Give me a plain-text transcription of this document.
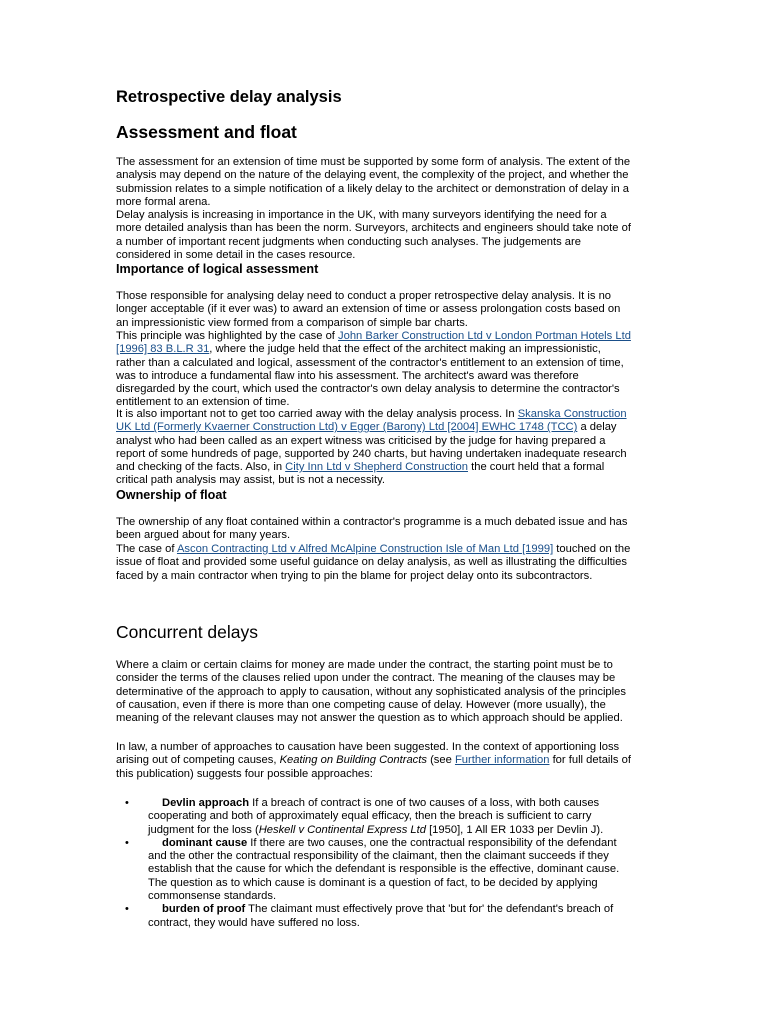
Retrospective delay analysis
Assessment and float

The assessment for an extension of time must be supported by some form of analysis. The extent of the
analysis may depend on the nature of the delaying event, the complexity of the project, and whether the
submission relates to a simple notification of a likely delay to the architect or demonstration of delay in a
more formal arena.

Delay analysis is increasing in importance in the UK, with many surveyors identifying the need for a
more detailed analysis than has been the norm. Surveyors, architects and engineers should take note of
a number of important recent judgments when conducting such analyses. The judgements are
considered in some detail in the cases resource.

Importance of logical assessment

Those responsible for analysing delay need to conduct a proper retrospective delay analysis. It is no
longer acceptable (if it ever was) to award an extension of time or assess prolongation costs based on
an impressionistic view formed from a comparison of simple bar charts.

This principle was highlighted by the case of John Barker Construction Ltd v London Portman Hotels Ltd
[1996] 83 B.L.R 31, where the judge held that the effect of the architect making an impressionistic,
rather than a calculated and logical, assessment of the contractor's entitlement to an extension of time,
was to introduce a fundamental flaw into his assessment. The architect's award was therefore
disregarded by the court, which used the contractor's own delay analysis to determine the contractor's
entitlement to an extension of time.

It is also important not to get too carried away with the delay analysis process. In Skanska Construction
UK Ltd (Formerly Kvaerner Construction Ltd) v Egger (Barony) Ltd [2004] EWHC 1748 (TCC) a delay
analyst who had been called as an expert witness was criticised by the judge for having prepared a
report of some hundreds of page, supported by 240 charts, but having undertaken inadequate research
and checking of the facts. Also, in City Inn Ltd v Shepherd Construction the court held that a formal
critical path analysis may assist, but is not a necessity.

Ownership of float

The ownership of any float contained within a contractor's programme is a much debated issue and has
been argued about for many years.

The case of Ascon Contracting Ltd v Alfred McAlpine Construction Isle of Man Ltd [1999] touched on the
issue of float and provided some useful guidance on delay analysis, as well as illustrating the difficulties
faced by a main contractor when trying to pin the blame for project delay onto its subcontractors.

Concurrent delays

Where a claim or certain claims for money are made under the contract, the starting point must be to
consider the terms of the clauses relied upon under the contract. The meaning of the clauses may be
determinative of the approach to apply to causation, without any sophisticated analysis of the principles
of causation, even if there is more than one competing cause of delay. However (more usually), the
meaning of the relevant clauses may not answer the question as to which approach should be applied.

In law, a number of approaches to causation have been suggested. In the context of apportioning loss
arising out of competing causes, Keating on Building Contracts (see Further information for full details of
this publication) suggests four possible approaches:

•	Devlin approach If a breach of contract is one of two causes of a loss, with both causes
cooperating and both of approximately equal efficacy, then the breach is sufficient to carry
judgment for the loss (Heskell v Continental Express Ltd [1950], 1 All ER 1033 per Devlin J).
•	dominant cause If there are two causes, one the contractual responsibility of the defendant
and the other the contractual responsibility of the claimant, then the claimant succeeds if they
establish that the cause for which the defendant is responsible is the effective, dominant cause.
The question as to which cause is dominant is a question of fact, to be decided by applying
commonsense standards.
•	burden of proof The claimant must effectively prove that 'but for' the defendant's breach of
contract, they would have suffered no loss.
